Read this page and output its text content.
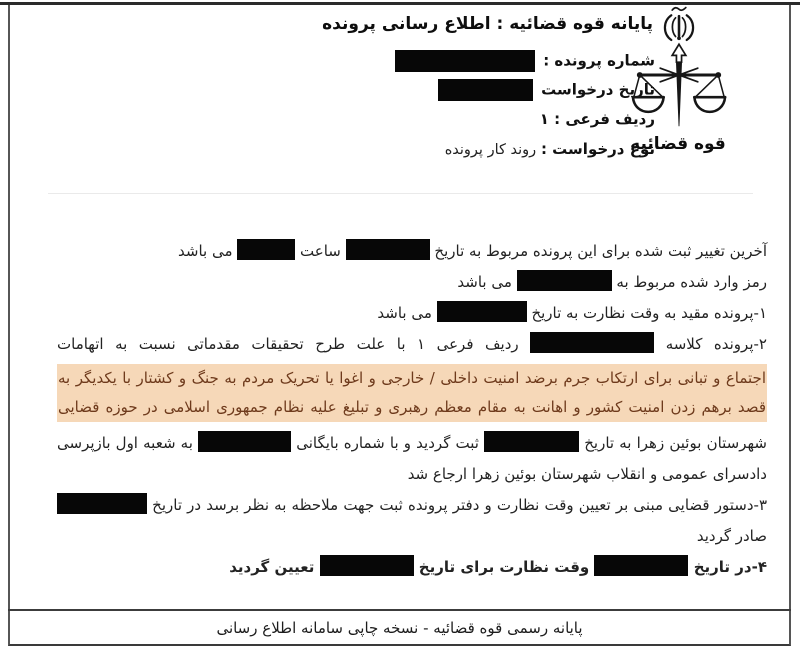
پایانه قوه قضائیه : اطلاع رسانی پرونده
شماره پرونده :
تاریخ درخواست
ردیف فرعی : ۱
نوع درخواست : روند کار پرونده	قوه قضائیه
آخرین تغییر ثبت شده برای این پرونده مربوط به تاریخ  ساعت  می باشد
رمز وارد شده مربوط به  می باشد
۱-پرونده مقید به وقت نظارت به تاریخ  می باشد
۲-پرونده کلاسه  ردیف فرعی ۱ با علت طرح تحقیقات مقدماتی نسبت به اتهامات
اجتماع و تبانی برای ارتکاب جرم برضد امنیت داخلی / خارجی و اغوا یا تحریک مردم به جنگ و کشتار با یکدیگر به
قصد برهم زدن امنیت کشور و اهانت به مقام معظم رهبری و تبلیغ علیه نظام جمهوری اسلامی در حوزه قضایی
شهرستان بوئین زهرا به تاریخ  ثبت گردید و با شماره بایگانی  به شعبه اول بازپرسی
دادسرای عمومی و انقلاب شهرستان بوئین زهرا ارجاع شد
۳-دستور قضایی مبنی بر تعیین وقت نظارت و دفتر پرونده ثبت جهت ملاحظه به نظر برسد در تاریخ
صادر گردید
۴-در تاریخ  وقت نظارت برای تاریخ  تعیین گردید
پایانه رسمی قوه قضائیه - نسخه چاپی سامانه اطلاع رسانی
